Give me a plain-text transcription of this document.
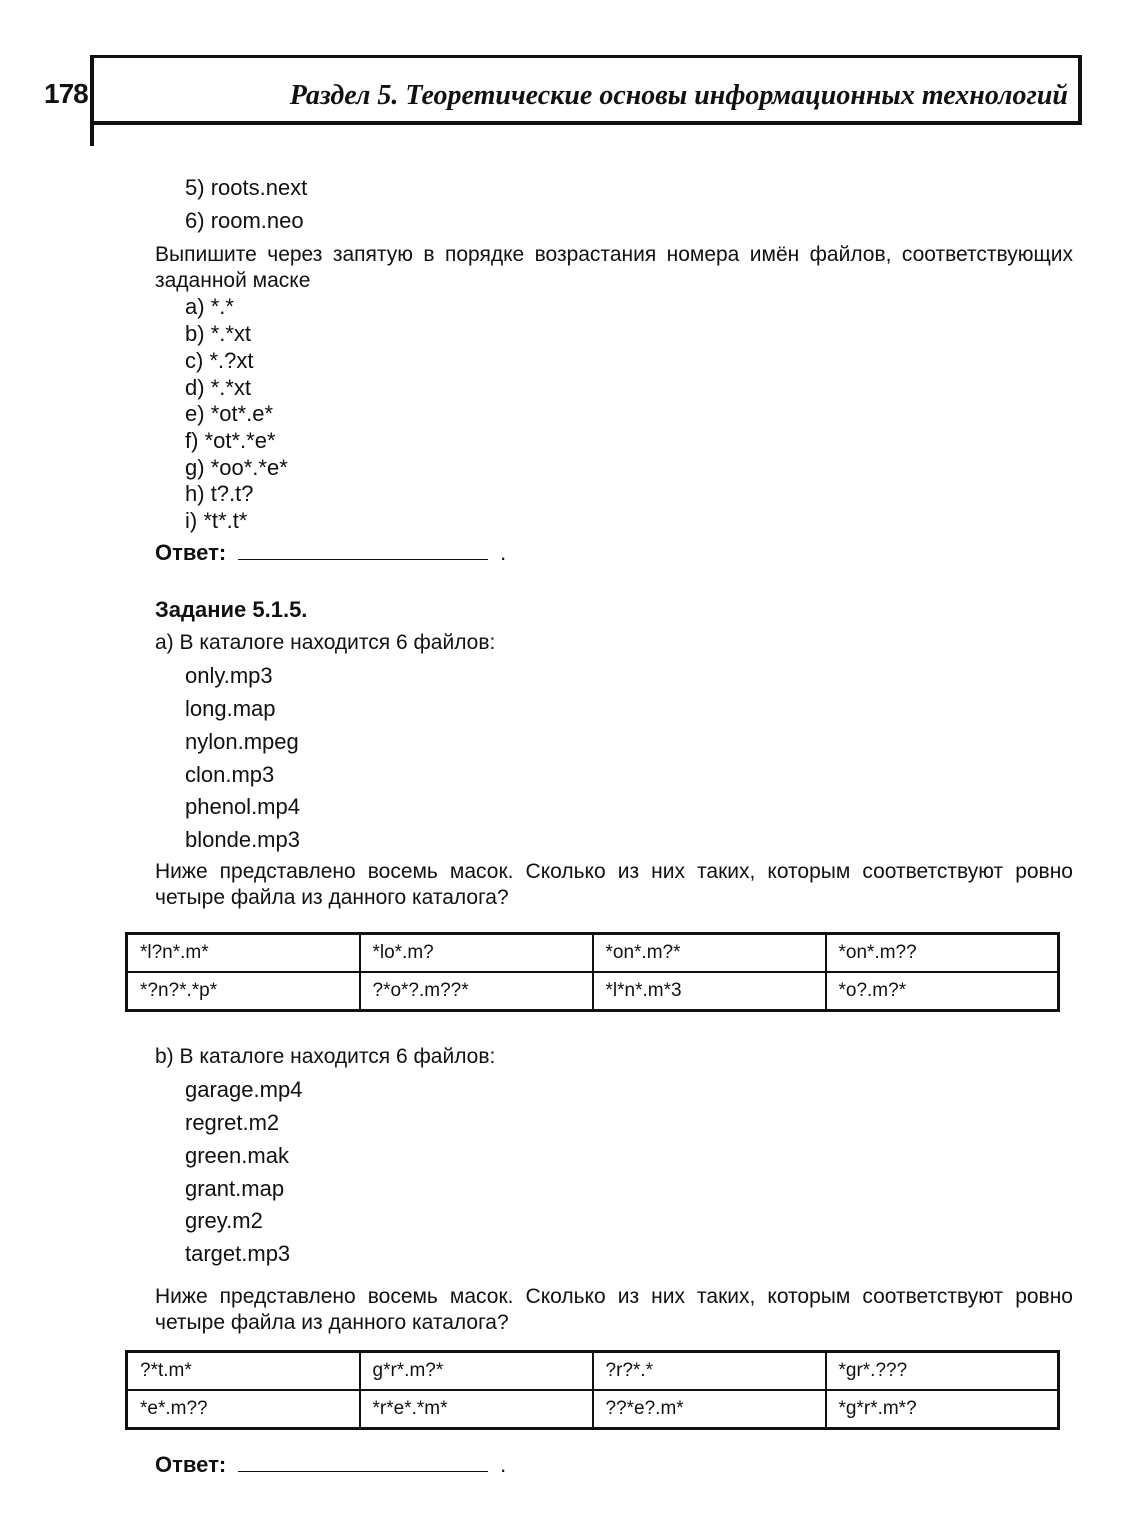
178	Раздел 5. Теоретические основы информационных технологий
5) roots.next
6) room.neo
Выпишите через запятую в порядке возрастания номера имён файлов, соответствующих заданной маске
a) *.*
b) *.*xt
c) *.?xt
d) *.*xt
e) *ot*.e*
f) *ot*.*e*
g) *oo*.*e*
h) t?.t?
i) *t*.t*
Ответ:	.
Задание 5.1.5.
a) В каталоге находится 6 файлов:
only.mp3
long.map
nylon.mpeg
clon.mp3
phenol.mp4
blonde.mp3
Ниже представлено восемь масок. Сколько из них таких, которым соответствуют ровно четыре файла из данного каталога?
*l?n*.m*	*lo*.m?	*on*.m?*	*on*.m??
*?n?*.*p*	?*o*?.m??*	*l*n*.m*3	*o?.m?*
b) В каталоге находится 6 файлов:
garage.mp4
regret.m2
green.mak
grant.map
grey.m2
target.mp3
Ниже представлено восемь масок. Сколько из них таких, которым соответствуют ровно четыре файла из данного каталога?
?*t.m*	g*r*.m?*	?r?*.*	*gr*.???
*e*.m??	*r*e*.*m*	??*e?.m*	*g*r*.m*?
Ответ:	.
